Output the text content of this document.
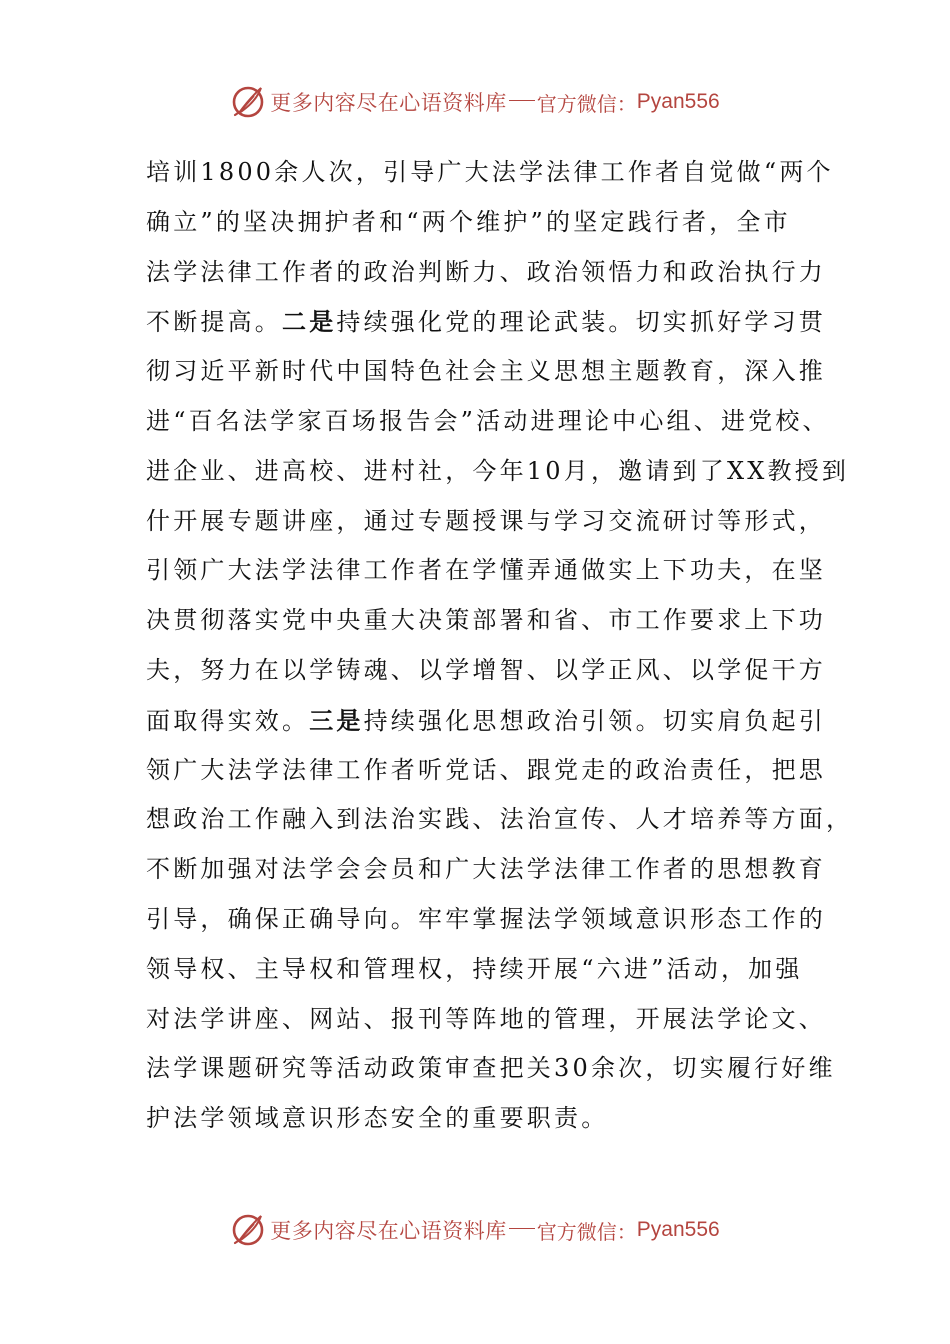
更多内容尽在心语资料库 官方微信： Pyan556
培训1800余人次，引导广大法学法律工作者自觉做“两个
确立”的坚决拥护者和“两个维护”的坚定践行者，全市
法学法律工作者的政治判断力、政治领悟力和政治执行力
不断提高。二是持续强化党的理论武装。切实抓好学习贯
彻习近平新时代中国特色社会主义思想主题教育，深入推
进“百名法学家百场报告会”活动进理论中心组、进党校、
进企业、进高校、进村社，今年10月，邀请到了XX教授到
什开展专题讲座，通过专题授课与学习交流研讨等形式，
引领广大法学法律工作者在学懂弄通做实上下功夫，在坚
决贯彻落实党中央重大决策部署和省、市工作要求上下功
夫，努力在以学铸魂、以学增智、以学正风、以学促干方
面取得实效。三是持续强化思想政治引领。切实肩负起引
领广大法学法律工作者听党话、跟党走的政治责任，把思
想政治工作融入到法治实践、法治宣传、人才培养等方面，
不断加强对法学会会员和广大法学法律工作者的思想教育
引导，确保正确导向。牢牢掌握法学领域意识形态工作的
领导权、主导权和管理权，持续开展“六进”活动，加强
对法学讲座、网站、报刊等阵地的管理，开展法学论文、
法学课题研究等活动政策审查把关30余次，切实履行好维
护法学领域意识形态安全的重要职责。
更多内容尽在心语资料库 官方微信： Pyan556
